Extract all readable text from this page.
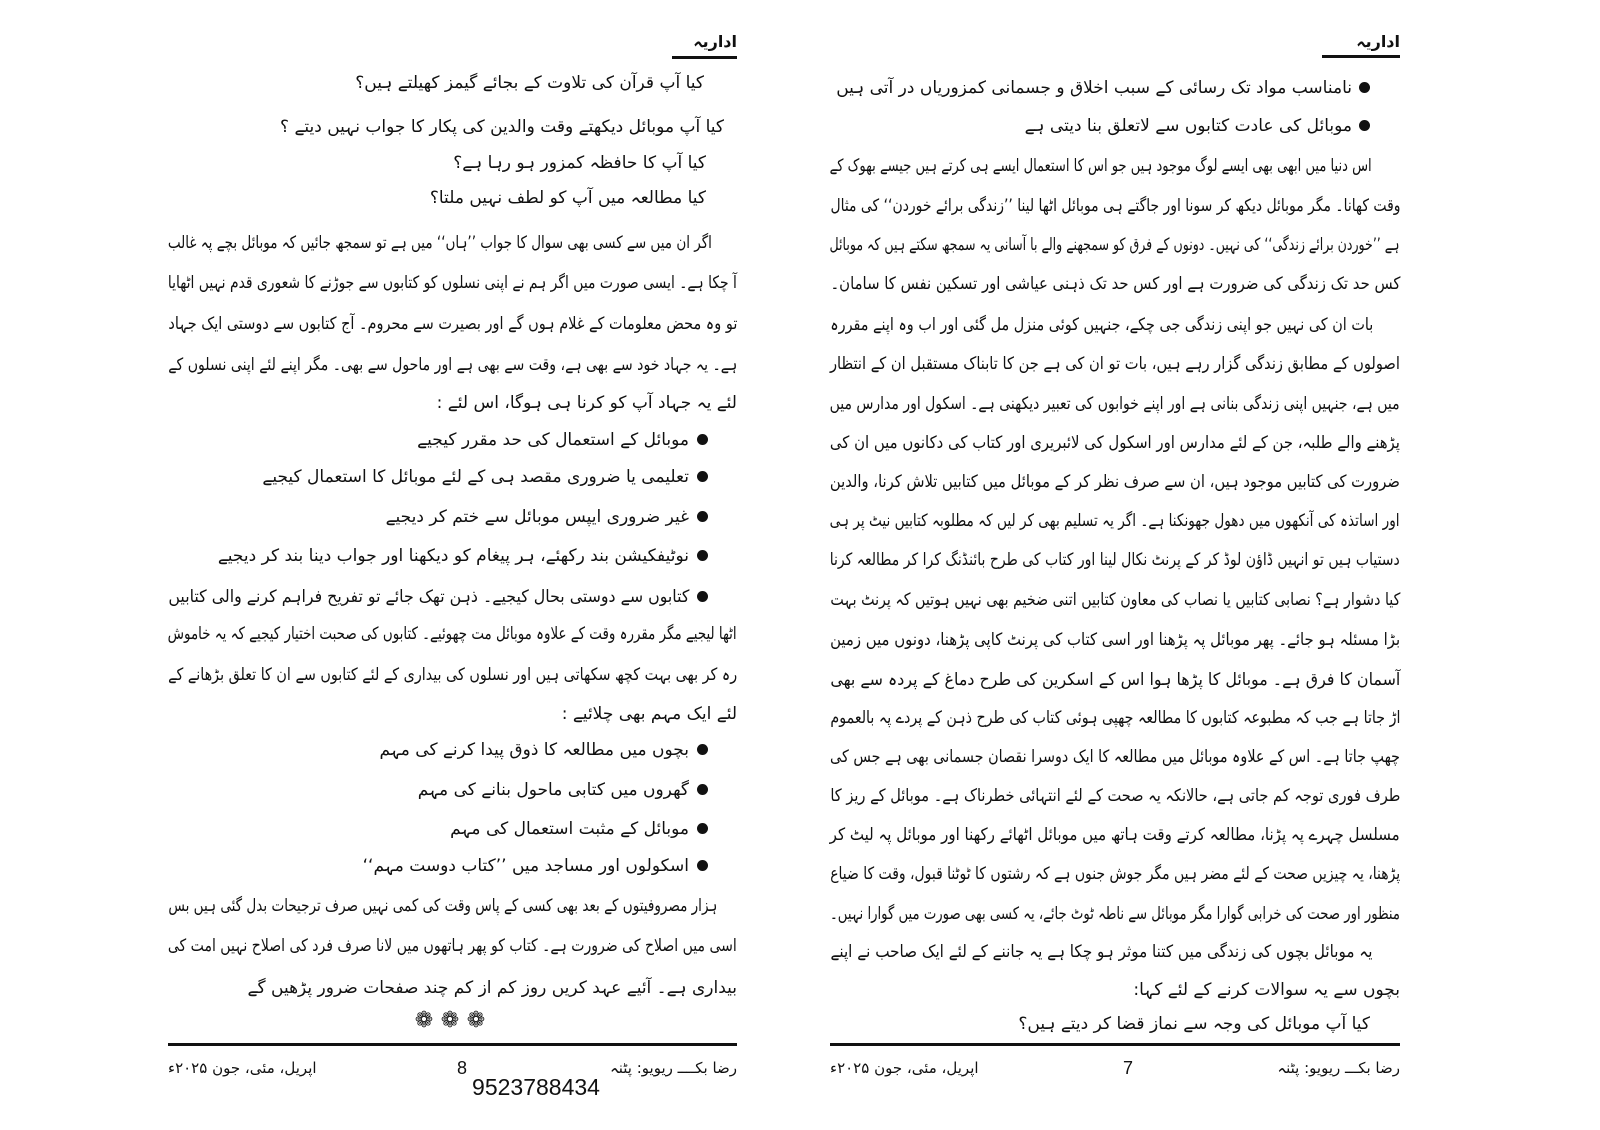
اداریہ
کیا آپ قرآن کی تلاوت کے بجائے گیمز کھیلتے ہیں؟
کیا آپ موبائل دیکھتے وقت والدین کی پکار کا جواب نہیں دیتے ؟
کیا آپ کا حافظہ کمزور ہو رہا ہے؟
کیا مطالعہ میں آپ کو لطف نہیں ملتا؟
اگر ان میں سے کسی بھی سوال کا جواب ’’ہاں‘‘ میں ہے تو سمجھ جائیں کہ موبائل بچے پہ غالب
آ چکا ہے۔ ایسی صورت میں اگر ہم نے اپنی نسلوں کو کتابوں سے جوڑنے کا شعوری قدم نہیں اٹھایا
تو وہ محض معلومات کے غلام ہوں گے اور بصیرت سے محروم۔ آج کتابوں سے دوستی ایک جہاد
ہے۔ یہ جہاد خود سے بھی ہے، وقت سے بھی ہے اور ماحول سے بھی۔ مگر اپنے لئے اپنی نسلوں کے
لئے یہ جہاد آپ کو کرنا ہی ہوگا، اس لئے :
موبائل کے استعمال کی حد مقرر کیجیے
تعلیمی یا ضروری مقصد ہی کے لئے موبائل کا استعمال کیجیے
غیر ضروری ایپس موبائل سے ختم کر دیجیے
نوٹیفکیشن بند رکھئے، ہر پیغام کو دیکھنا اور جواب دینا بند کر دیجیے
کتابوں سے دوستی بحال کیجیے۔ ذہن تھک جائے تو تفریح فراہم کرنے والی کتابیں
اٹھا لیجیے مگر مقررہ وقت کے علاوہ موبائل مت چھوئیے۔ کتابوں کی صحبت اختیار کیجیے کہ یہ خاموش
رہ کر بھی بہت کچھ سکھاتی ہیں اور نسلوں کی بیداری کے لئے کتابوں سے ان کا تعلق بڑھانے کے
لئے ایک مہم بھی چلائیے :
بچوں میں مطالعہ کا ذوق پیدا کرنے کی مہم
گھروں میں کتابی ماحول بنانے کی مہم
موبائل کے مثبت استعمال کی مہم
اسکولوں اور مساجد میں ’’کتاب دوست مہم‘‘
ہزار مصروفیتوں کے بعد بھی کسی کے پاس وقت کی کمی نہیں صرف ترجیحات بدل گئی ہیں بس
اسی میں اصلاح کی ضرورت ہے۔ کتاب کو پھر ہاتھوں میں لانا صرف فرد کی اصلاح نہیں امت کی
بیداری ہے۔ آئیے عہد کریں روز کم از کم چند صفحات ضرور پڑھیں گے
❁❁❁
رضا بکــــ ریویو: پٹنہ
8
اپریل، مئی، جون ۲۰۲۵ء
9523788434
اداریہ
نامناسب مواد تک رسائی کے سبب اخلاق و جسمانی کمزوریاں در آتی ہیں
موبائل کی عادت کتابوں سے لاتعلق بنا دیتی ہے
اس دنیا میں ابھی بھی ایسے لوگ موجود ہیں جو اس کا استعمال ایسے ہی کرتے ہیں جیسے بھوک کے
وقت کھانا۔ مگر موبائل دیکھ کر سونا اور جاگتے ہی موبائل اٹھا لینا ’’زندگی برائے خوردن‘‘ کی مثال
ہے ’’خوردن برائے زندگی‘‘ کی نہیں۔ دونوں کے فرق کو سمجھنے والے با آسانی یہ سمجھ سکتے ہیں کہ موبائل
کس حد تک زندگی کی ضرورت ہے اور کس حد تک ذہنی عیاشی اور تسکین نفس کا سامان۔
بات ان کی نہیں جو اپنی زندگی جی چکے، جنہیں کوئی منزل مل گئی اور اب وہ اپنے مقررہ
اصولوں کے مطابق زندگی گزار رہے ہیں، بات تو ان کی ہے جن کا تابناک مستقبل ان کے انتظار
میں ہے، جنہیں اپنی زندگی بنانی ہے اور اپنے خوابوں کی تعبیر دیکھنی ہے۔ اسکول اور مدارس میں
پڑھنے والے طلبہ، جن کے لئے مدارس اور اسکول کی لائبریری اور کتاب کی دکانوں میں ان کی
ضرورت کی کتابیں موجود ہیں، ان سے صرف نظر کر کے موبائل میں کتابیں تلاش کرنا، والدین
اور اساتذہ کی آنکھوں میں دھول جھونکنا ہے۔ اگر یہ تسلیم بھی کر لیں کہ مطلوبہ کتابیں نیٹ پر ہی
دستیاب ہیں تو انہیں ڈاؤن لوڈ کر کے پرنٹ نکال لینا اور کتاب کی طرح بائنڈنگ کرا کر مطالعہ کرنا
کیا دشوار ہے؟ نصابی کتابیں یا نصاب کی معاون کتابیں اتنی ضخیم بھی نہیں ہوتیں کہ پرنٹ بہت
بڑا مسئلہ ہو جائے۔ پھر موبائل پہ پڑھنا اور اسی کتاب کی پرنٹ کاپی پڑھنا، دونوں میں زمین
آسمان کا فرق ہے۔ موبائل کا پڑھا ہوا اس کے اسکرین کی طرح دماغ کے پردہ سے بھی
اڑ جاتا ہے جب کہ مطبوعہ کتابوں کا مطالعہ چھپی ہوئی کتاب کی طرح ذہن کے پردے پہ بالعموم
چھپ جاتا ہے۔ اس کے علاوہ موبائل میں مطالعہ کا ایک دوسرا نقصان جسمانی بھی ہے جس کی
طرف فوری توجہ کم جاتی ہے، حالانکہ یہ صحت کے لئے انتہائی خطرناک ہے۔ موبائل کے ریز کا
مسلسل چہرے پہ پڑنا، مطالعہ کرتے وقت ہاتھ میں موبائل اٹھائے رکھنا اور موبائل پہ لیٹ کر
پڑھنا، یہ چیزیں صحت کے لئے مضر ہیں مگر جوش جنوں ہے کہ رشتوں کا ٹوٹنا قبول، وقت کا ضیاع
منظور اور صحت کی خرابی گوارا مگر موبائل سے ناطہ ٹوٹ جائے، یہ کسی بھی صورت میں گوارا نہیں۔
یہ موبائل بچوں کی زندگی میں کتنا موثر ہو چکا ہے یہ جاننے کے لئے ایک صاحب نے اپنے
بچوں سے یہ سوالات کرنے کے لئے کہا:
کیا آپ موبائل کی وجہ سے نماز قضا کر دیتے ہیں؟
رضا بکـــ ریویو: پٹنہ
7
اپریل، مئی، جون ۲۰۲۵ء
